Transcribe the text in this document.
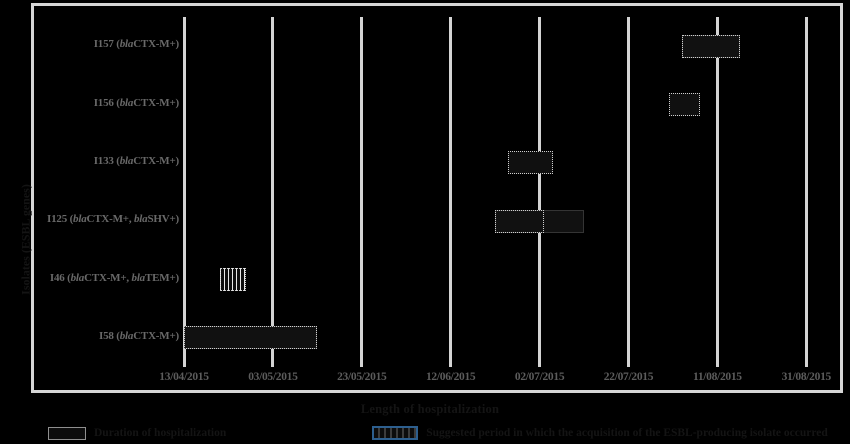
13/04/2015	03/05/2015	23/05/2015	12/06/2015	02/07/2015	22/07/2015	11/08/2015	31/08/2015
I157 (blaCTX-M+)
I156 (blaCTX-M+)
I133 (blaCTX-M+)
I125 (blaCTX-M+, blaSHV+)
I46 (blaCTX-M+, blaTEM+)
I58 (blaCTX-M+)
Isolates (ESBL genes)
Length of hospitalization
Duration of hospitalization	Suggested period in which the acquisition of the ESBL-producing isolate occurred
